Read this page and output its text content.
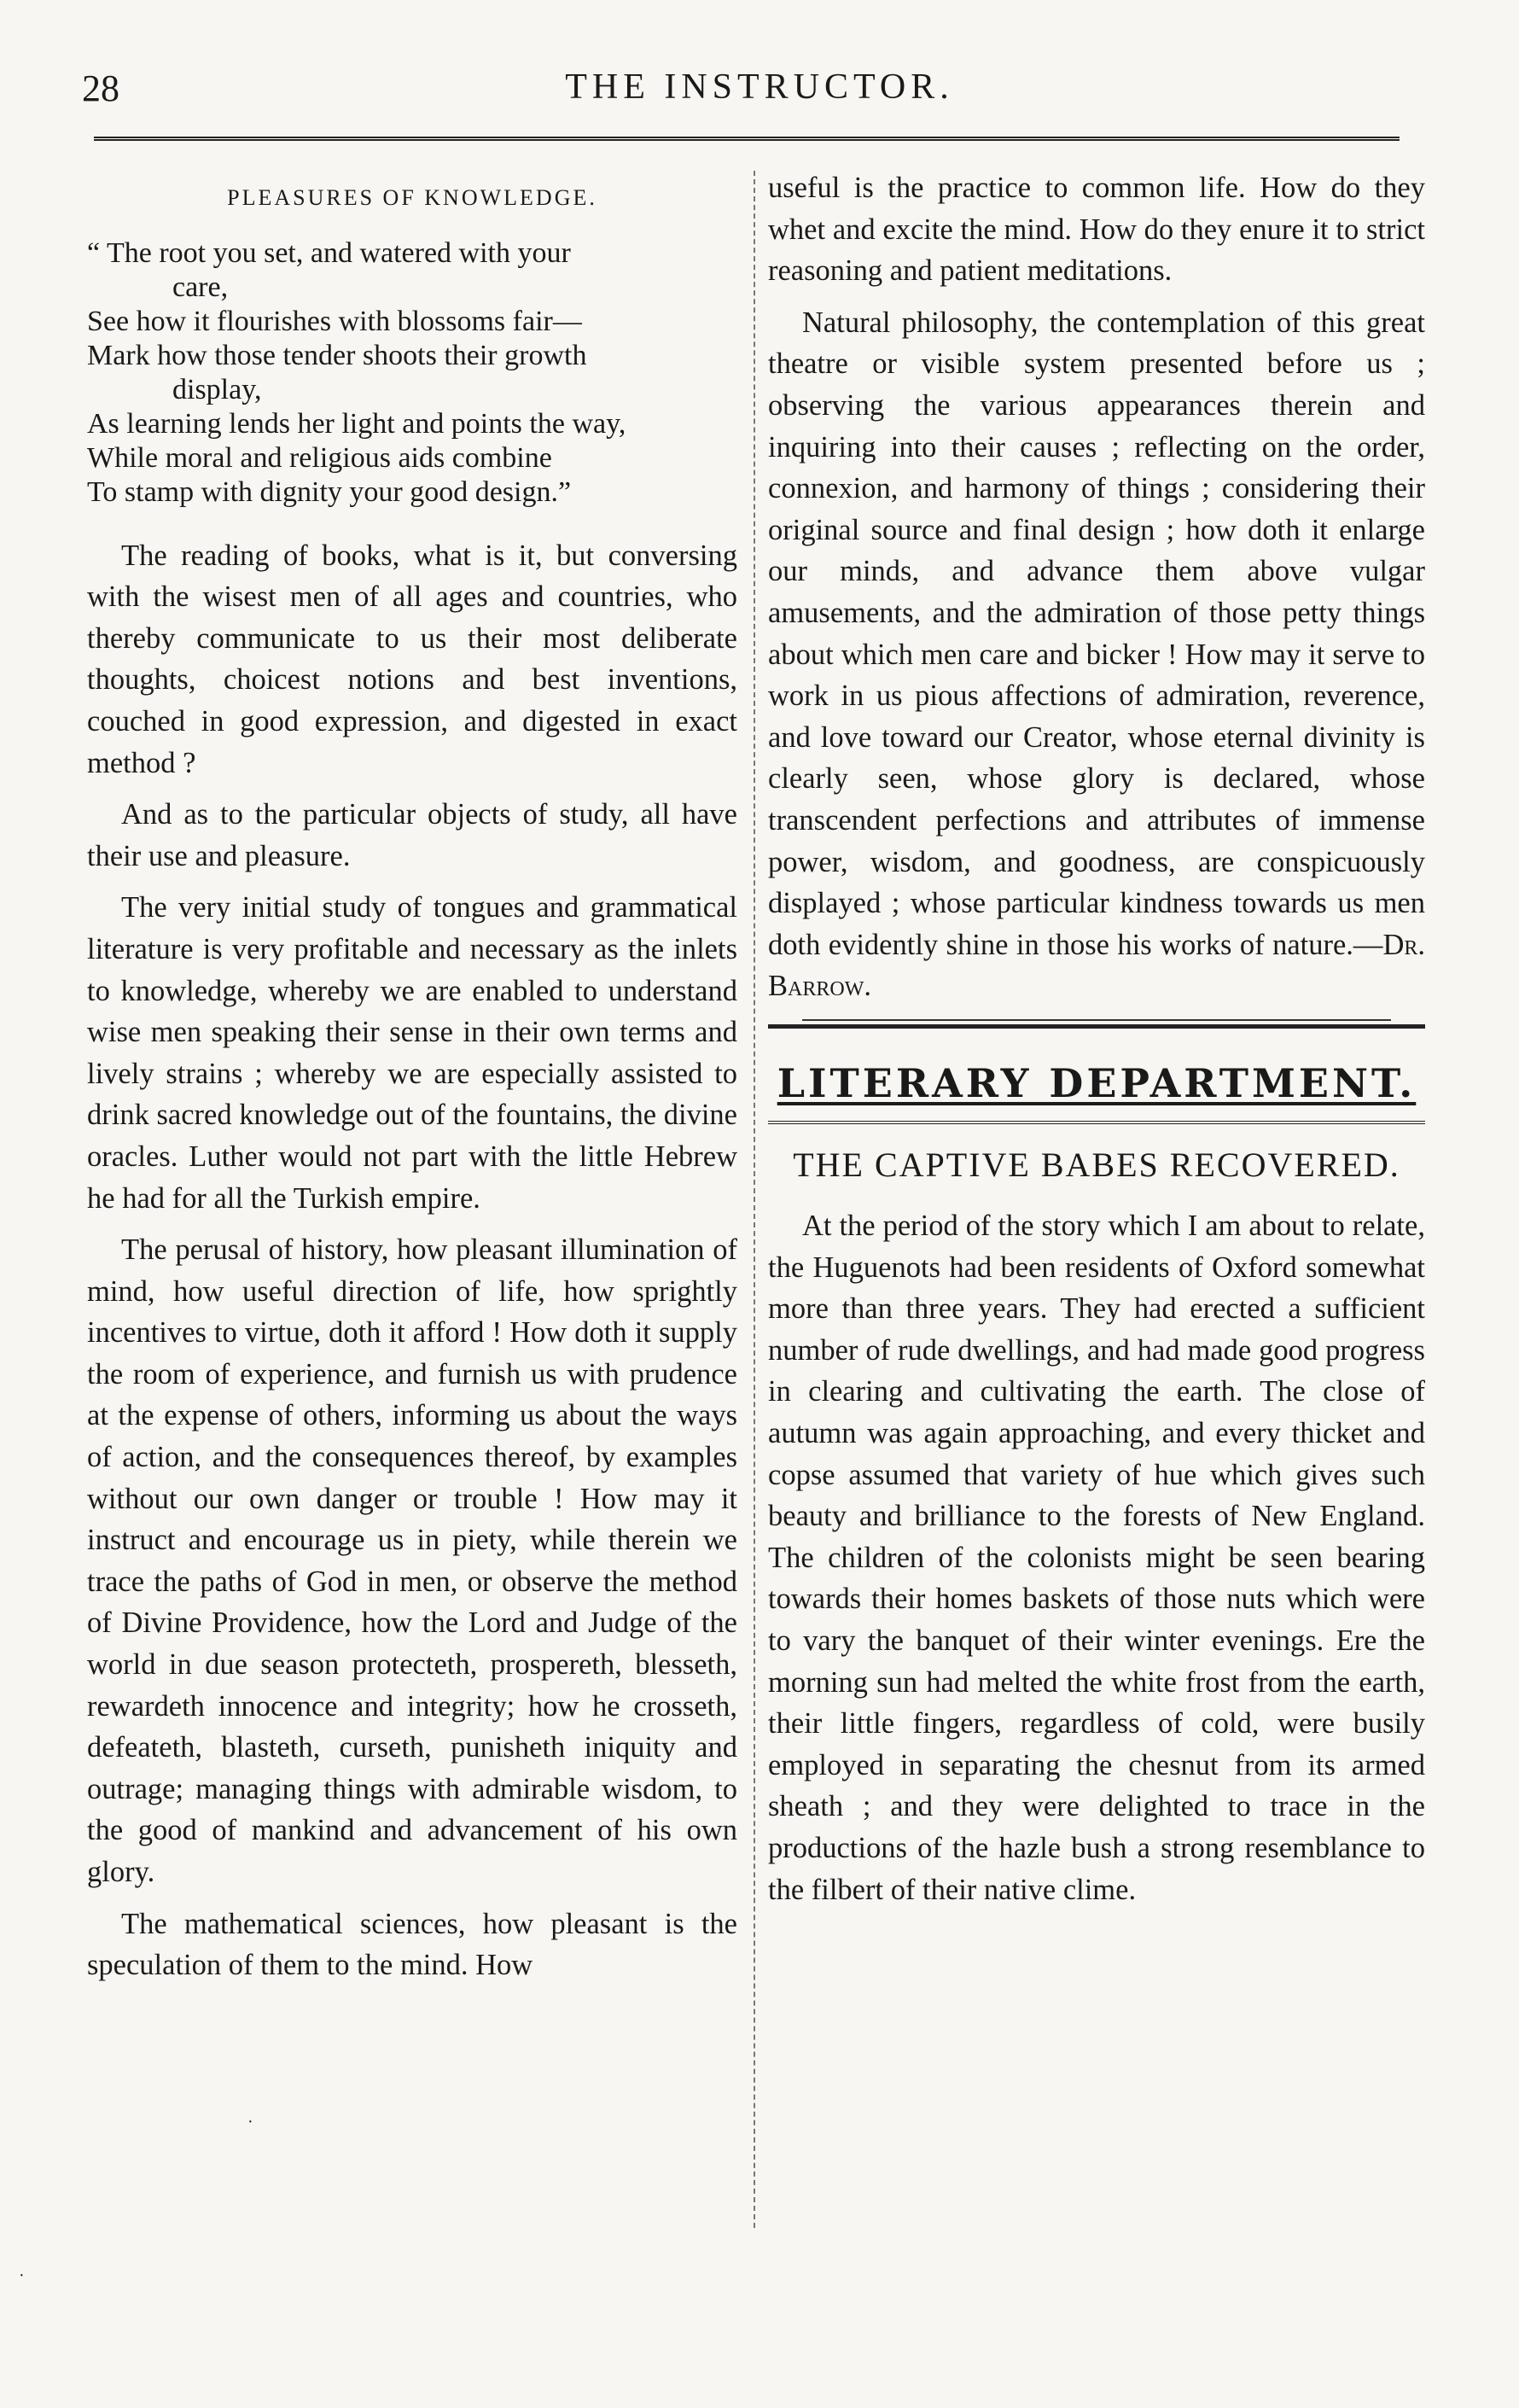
28	THE INSTRUCTOR.
PLEASURES OF KNOWLEDGE.
“ The root you set, and watered with your
care,
See how it flourishes with blossoms fair—
Mark how those tender shoots their growth
display,
As learning lends her light and points the way,
While moral and religious aids combine
To stamp with dignity your good design.”

The reading of books, what is it, but conversing with the wisest men of all ages and countries, who thereby communicate to us their most deliberate thoughts, choicest notions and best inventions, couched in good expression, and digested in exact method ?

And as to the particular objects of study, all have their use and pleasure.

The very initial study of tongues and grammatical literature is very profitable and necessary as the inlets to knowledge, whereby we are enabled to understand wise men speaking their sense in their own terms and lively strains ; whereby we are especially assisted to drink sacred knowledge out of the fountains, the divine oracles. Luther would not part with the little Hebrew he had for all the Turkish empire.

The perusal of history, how pleasant illumination of mind, how useful direction of life, how sprightly incentives to virtue, doth it afford ! How doth it supply the room of experience, and furnish us with prudence at the expense of others, informing us about the ways of action, and the consequences thereof, by examples without our own danger or trouble ! How may it instruct and encourage us in piety, while therein we trace the paths of God in men, or observe the method of Divine Providence, how the Lord and Judge of the world in due season protecteth, prospereth, blesseth, rewardeth innocence and integrity; how he crosseth, defeateth, blasteth, curseth, punisheth iniquity and outrage; managing things with admirable wisdom, to the good of mankind and advancement of his own glory.

The mathematical sciences, how pleasant is the speculation of them to the mind. How

useful is the practice to common life. How do they whet and excite the mind. How do they enure it to strict reasoning and patient meditations.

Natural philosophy, the contemplation of this great theatre or visible system presented before us ; observing the various appearances therein and inquiring into their causes ; reflecting on the order, connexion, and harmony of things ; considering their original source and final design ; how doth it enlarge our minds, and advance them above vulgar amusements, and the admiration of those petty things about which men care and bicker ! How may it serve to work in us pious affections of admiration, reverence, and love toward our Creator, whose eternal divinity is clearly seen, whose glory is declared, whose transcendent perfections and attributes of immense power, wisdom, and goodness, are conspicuously displayed ; whose particular kindness towards us men doth evidently shine in those his works of nature.—Dr. Barrow.

LITERARY DEPARTMENT.
THE CAPTIVE BABES RECOVERED.

At the period of the story which I am about to relate, the Huguenots had been residents of Oxford somewhat more than three years. They had erected a sufficient number of rude dwellings, and had made good progress in clearing and cultivating the earth. The close of autumn was again approaching, and every thicket and copse assumed that variety of hue which gives such beauty and brilliance to the forests of New England. The children of the colonists might be seen bearing towards their homes baskets of those nuts which were to vary the banquet of their winter evenings. Ere the morning sun had melted the white frost from the earth, their little fingers, regardless of cold, were busily employed in separating the chesnut from its armed sheath ; and they were delighted to trace in the productions of the hazle bush a strong resemblance to the filbert of their native clime.

·
·
